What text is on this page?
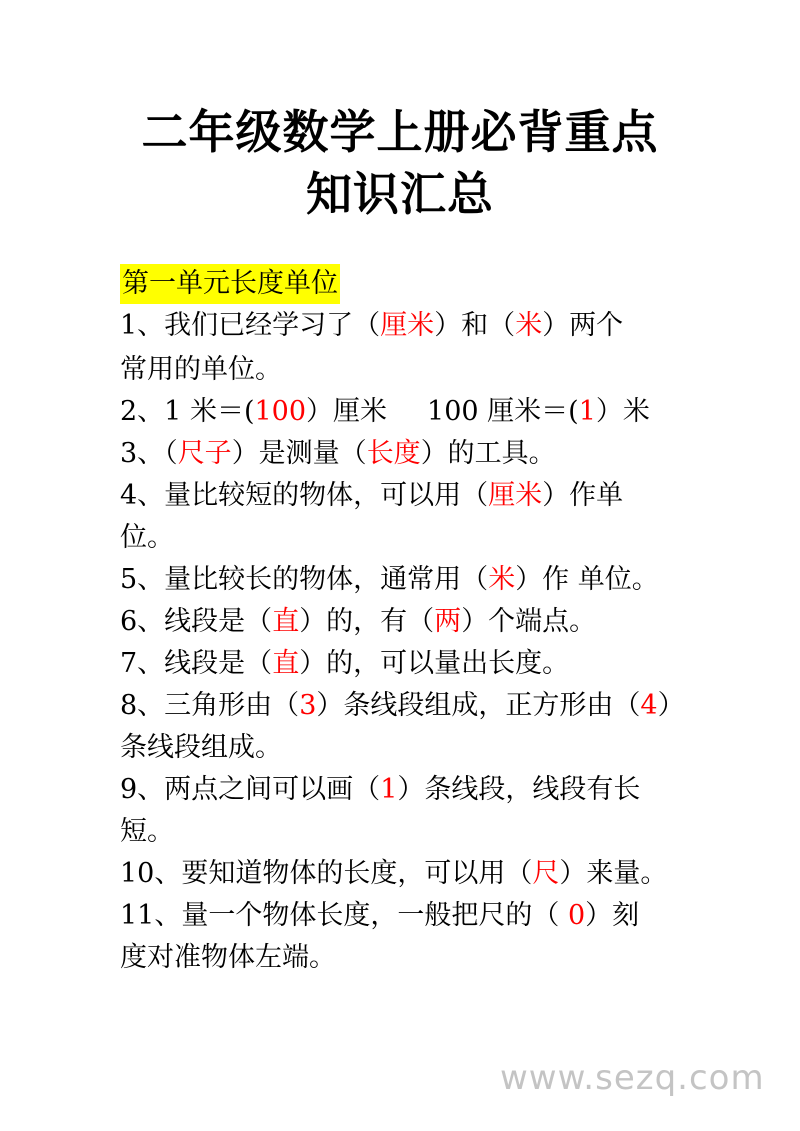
二年级数学上册必背重点
知识汇总
第一单元长度单位
1、我们已经学习了（厘米）和（米）两个
常用的单位。
2、1 米＝(100）厘米 100 厘米＝(1）米
3、（尺子）是测量（长度）的工具。
4、量比较短的物体，可以用（厘米）作单
位。
5、量比较长的物体，通常用（米）作 单位。
6、线段是（直）的，有（两）个端点。
7、线段是（直）的，可以量出长度。
8、三角形由（3）条线段组成，正方形由（4）
条线段组成。
9、两点之间可以画（1）条线段，线段有长
短。
10、要知道物体的长度，可以用（尺）来量。
11、量一个物体长度，一般把尺的（ 0）刻
度对准物体左端。
www.sezq.com
